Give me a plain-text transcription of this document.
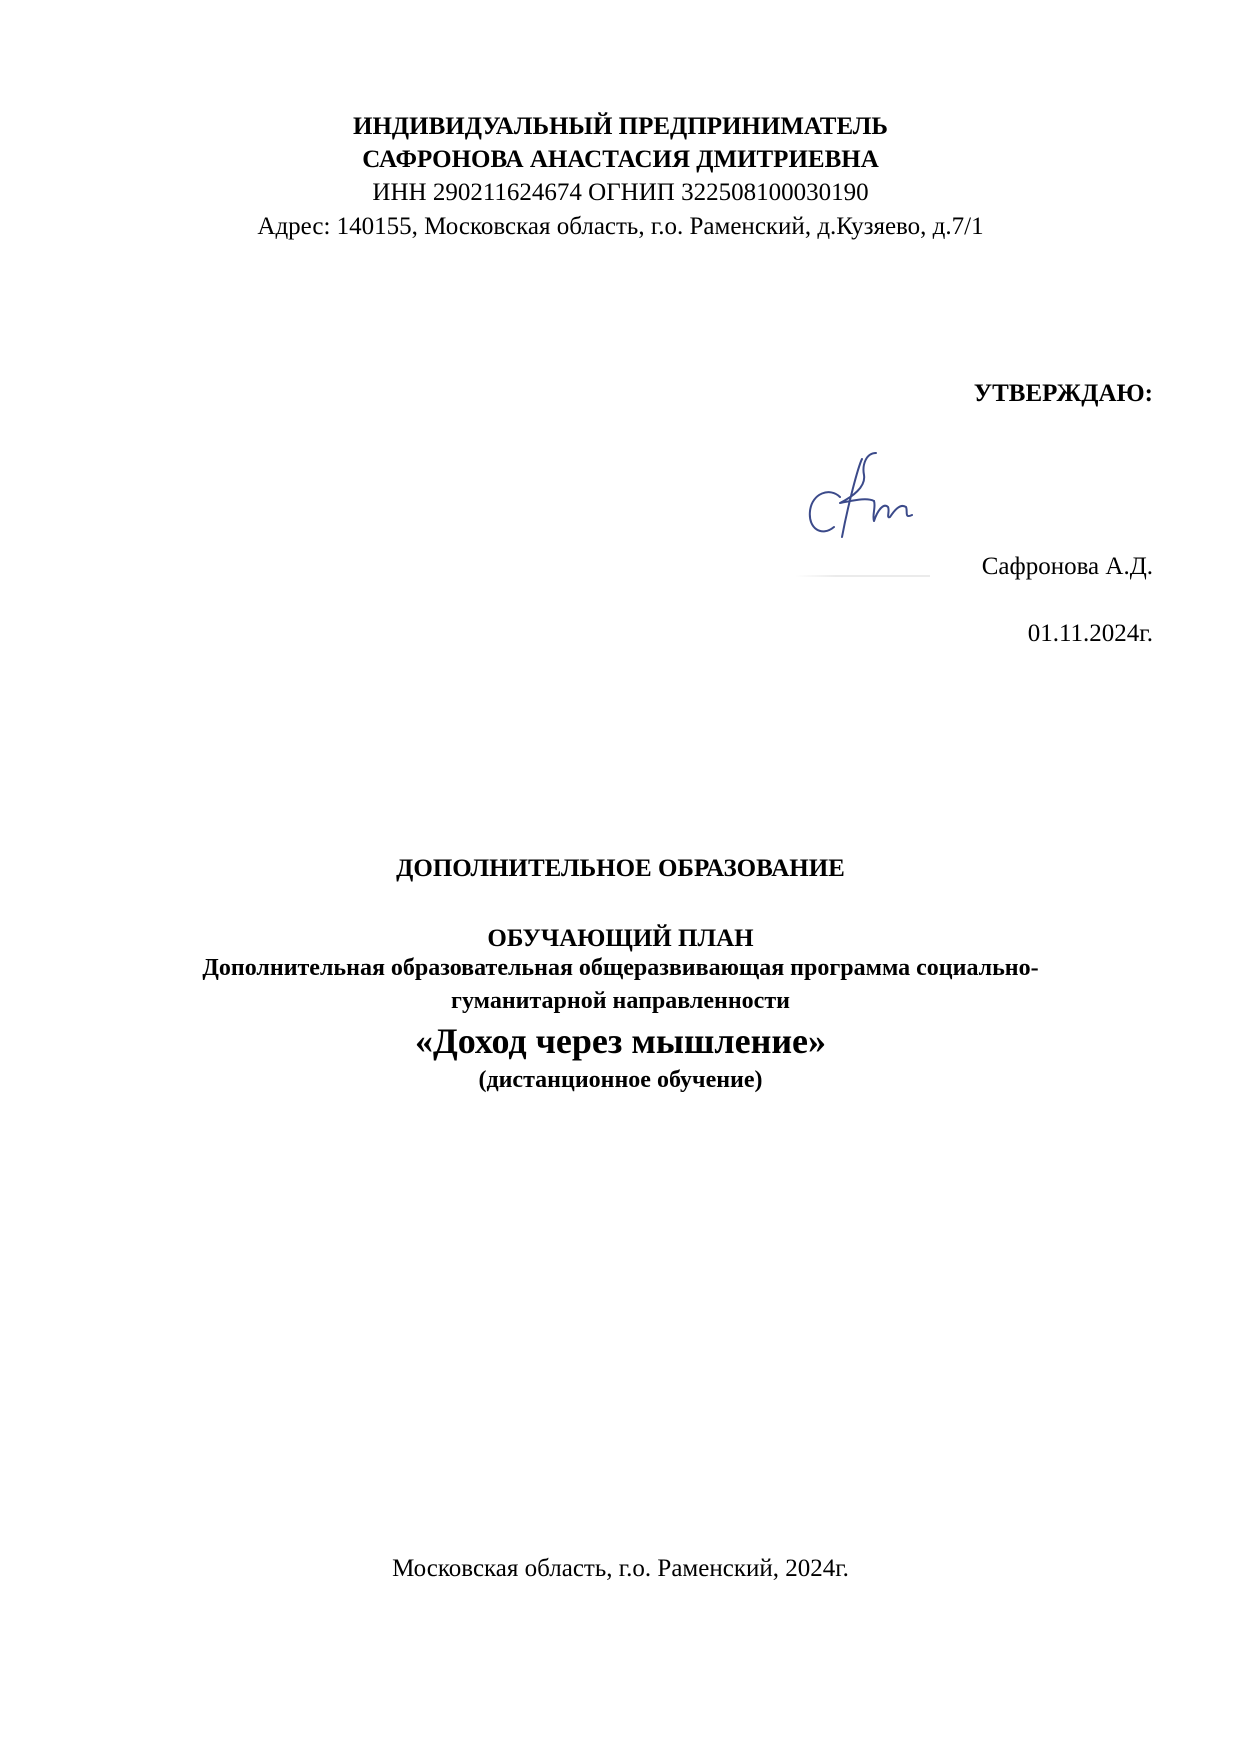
ИНДИВИДУАЛЬНЫЙ ПРЕДПРИНИМАТЕЛЬ
САФРОНОВА АНАСТАСИЯ ДМИТРИЕВНА
ИНН 290211624674 ОГНИП 322508100030190
Адрес: 140155, Московская область, г.о. Раменский, д.Кузяево, д.7/1
УТВЕРЖДАЮ:
Сафронова А.Д.
01.11.2024г.
ДОПОЛНИТЕЛЬНОЕ ОБРАЗОВАНИЕ
ОБУЧАЮЩИЙ ПЛАН
Дополнительная образовательная общеразвивающая программа социально-
гуманитарной направленности
«Доход через мышление»
(дистанционное обучение)
Московская область, г.о. Раменский, 2024г.
